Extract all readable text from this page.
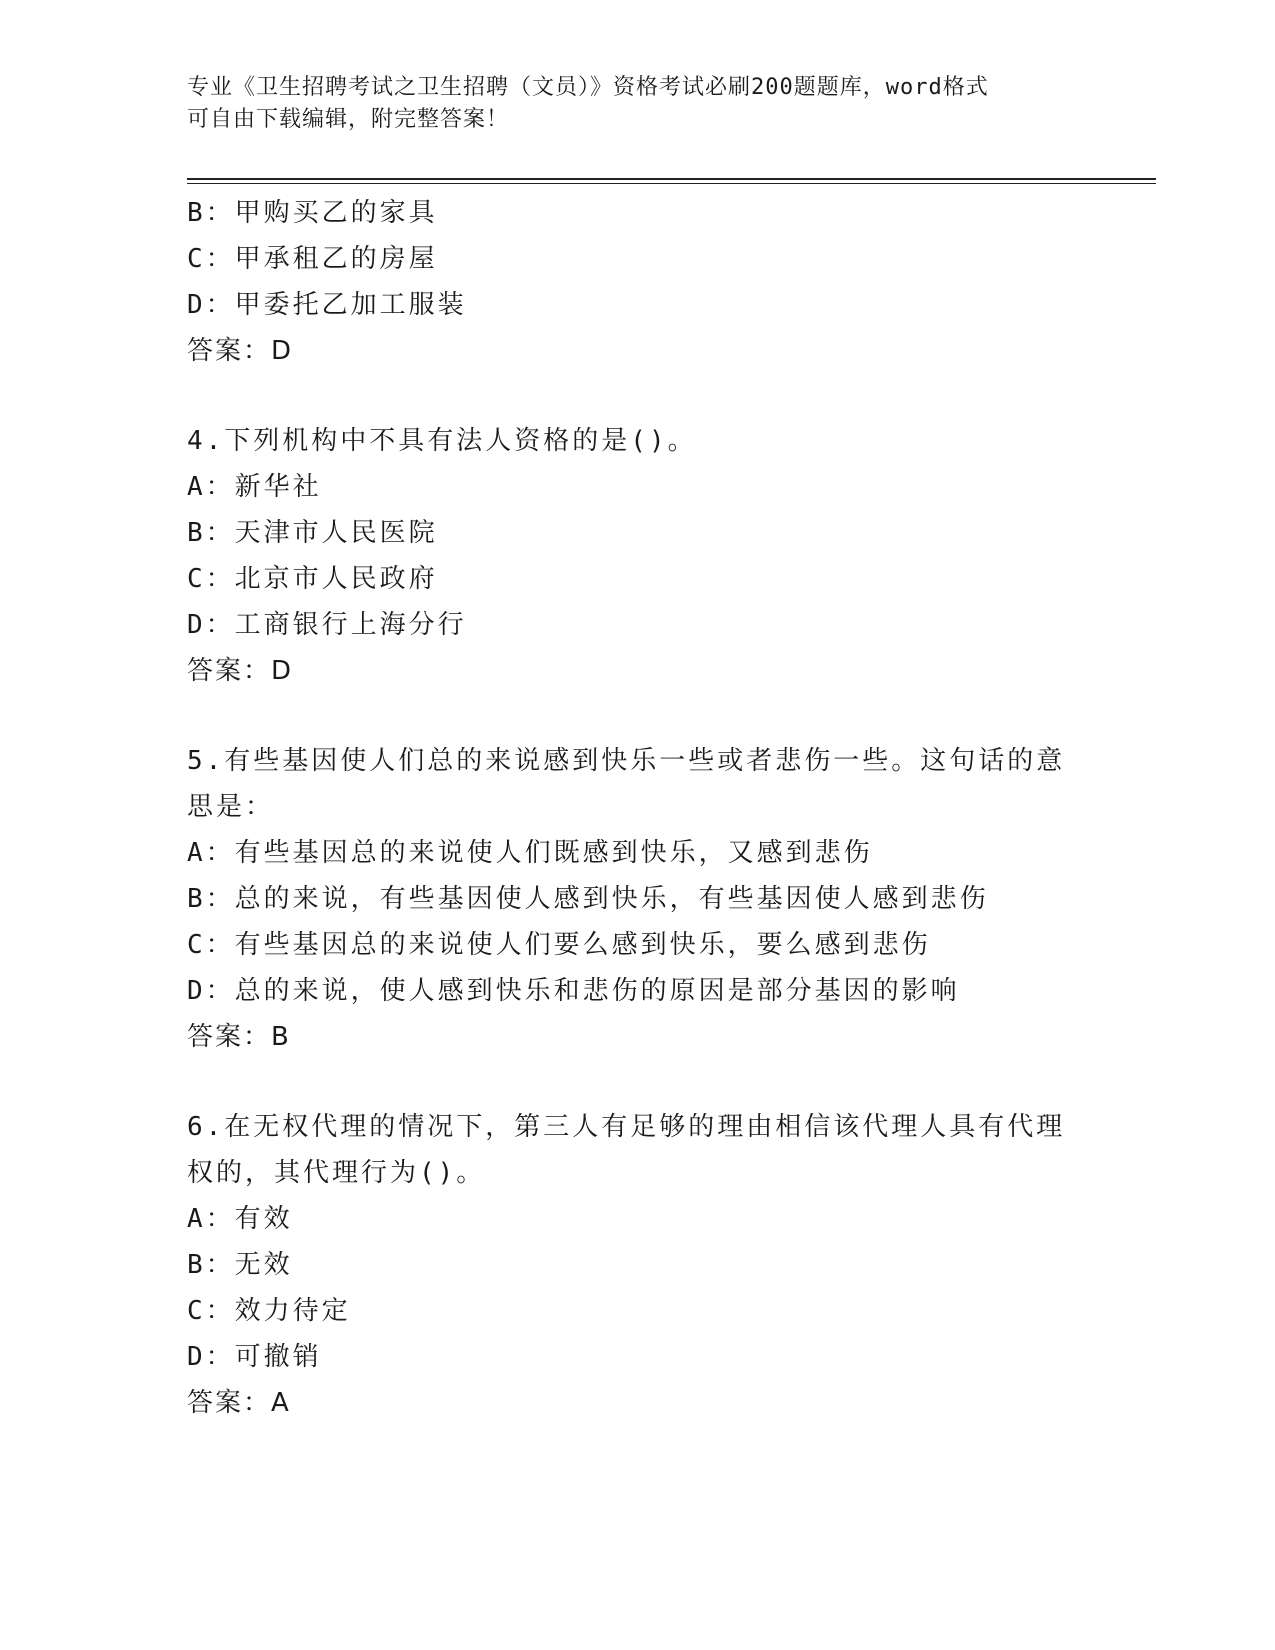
专业《卫生招聘考试之卫生招聘（文员）》资格考试必刷200题题库，word格式
可自由下载编辑，附完整答案！
B：甲购买乙的家具
C：甲承租乙的房屋
D：甲委托乙加工服装
答案：D
4.下列机构中不具有法人资格的是()。
A：新华社
B：天津市人民医院
C：北京市人民政府
D：工商银行上海分行
答案：D
5.有些基因使人们总的来说感到快乐一些或者悲伤一些。这句话的意
思是：
A：有些基因总的来说使人们既感到快乐，又感到悲伤
B：总的来说，有些基因使人感到快乐，有些基因使人感到悲伤
C：有些基因总的来说使人们要么感到快乐，要么感到悲伤
D：总的来说，使人感到快乐和悲伤的原因是部分基因的影响
答案：B
6.在无权代理的情况下，第三人有足够的理由相信该代理人具有代理
权的，其代理行为()。
A：有效
B：无效
C：效力待定
D：可撤销
答案：A
